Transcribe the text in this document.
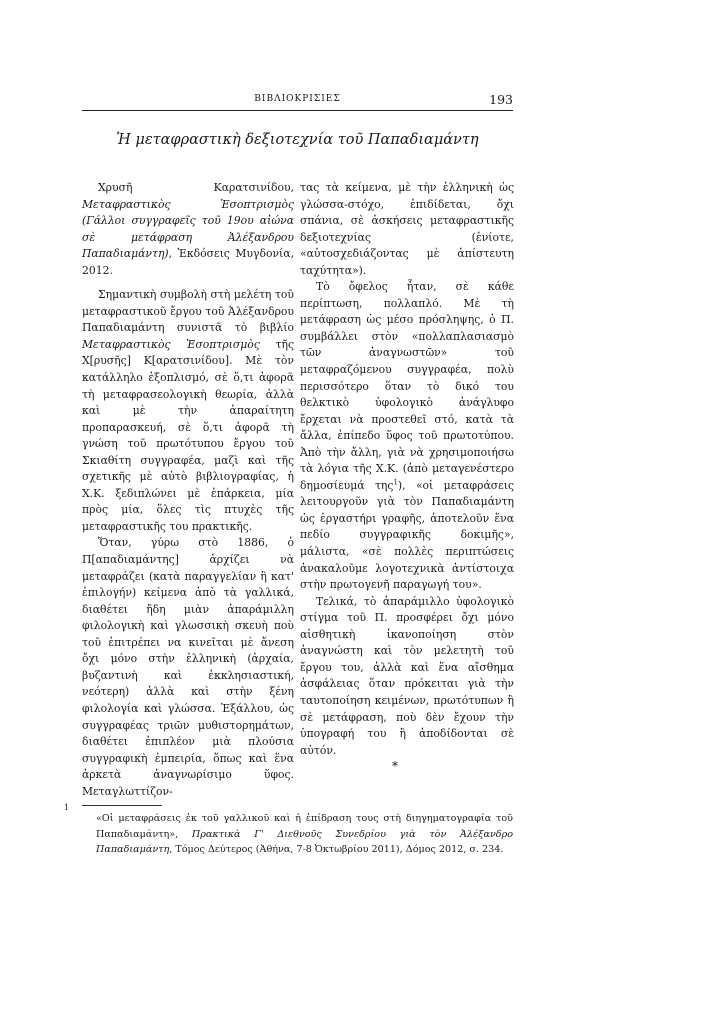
ΒΙΒΛΙΟΚΡΙΣΙΕΣ	193
Ἡ μεταφραστικὴ δεξιοτεχνία τοῦ Παπαδιαμάντη

Χρυσῆ Καρατσινίδου, Μεταφραστικὸς Ἐσοπτρισμὸς (Γάλλοι συγγραφεῖς τοῦ 19ου αἰώνα σὲ μετάφραση Ἀλέξανδρου Παπαδιαμάντη), Ἐκδόσεις Μυγδονία, 2012.

Σημαντικὴ συμβολὴ στὴ μελέτη τοῦ μεταφραστικοῦ ἔργου τοῦ Ἀλέξανδρου Παπαδιαμάντη συνιστᾶ τὸ βιβλίο Μεταφραστικὸς Ἐσοπτρισμὸς τῆς Χ[ρυσῆς] Κ[αρατσινίδου]. Μὲ τὸν κατάλληλο ἐξοπλισμό, σὲ ὅ,τι ἀφορᾶ τὴ μεταφρασεολογικὴ θεωρία, ἀλλὰ καὶ μὲ τὴν ἀπαραίτητη προπαρασκευή, σὲ ὅ,τι ἀφορᾶ τὴ γνώση τοῦ πρωτότυπου ἔργου τοῦ Σκιαθίτη συγγραφέα, μαζὶ καὶ τῆς σχετικῆς μὲ αὐτὸ βιβλιογραφίας, ἡ Χ.Κ. ξεδιπλώνει μὲ ἐπάρκεια, μία πρὸς μία, ὅλες τὶς πτυχὲς τῆς μεταφραστικῆς του πρακτικῆς.

Ὅταν, γύρω στὸ 1886, ὁ Π[απαδιαμάντης] ἀρχίζει νὰ μεταφράζει (κατὰ παραγγελίαν ἢ κατ' ἐπιλογήν) κείμενα ἀπὸ τὰ γαλλικά, διαθέτει ἤδη μιὰν ἀπαράμιλλη φιλολογικὴ καὶ γλωσσικὴ σκευὴ ποὺ τοῦ ἐπιτρέπει να κινεῖται μὲ ἄνεση ὄχι μόνο στὴν ἑλληνικὴ (ἀρχαία, βυζαντινὴ καὶ ἐκκλησιαστική, νεότερη) ἀλλὰ καὶ στὴν ξένη φιλολογία καὶ γλώσσα. Ἐξάλλου, ὡς συγγραφέας τριῶν μυθιστορημάτων, διαθέτει ἐπιπλέον μιὰ πλούσια συγγραφικὴ ἐμπειρία, ὅπως καὶ ἕνα ἀρκετὰ ἀναγνωρίσιμο ὕφος. Μεταγλωττίζον-

τας τὰ κείμενα, μὲ τὴν ἑλληνικὴ ὡς γλώσσα-στόχο, ἐπιδίδεται, ὄχι σπάνια, σὲ ἀσκήσεις μεταφραστικῆς δεξιοτεχνίας (ἐνίοτε, «αὐτοσχεδιάζοντας μὲ ἀπίστευτη ταχύτητα»).

Τὸ ὄφελος ἦταν, σὲ κάθε περίπτωση, πολλαπλό. Μὲ τὴ μετάφραση ὡς μέσο πρόσληψης, ὁ Π. συμβάλλει στὸν «πολλαπλασιασμὸ τῶν ἀναγνωστῶν» τοῦ μεταφραζόμενου συγγραφέα, πολὺ περισσότερο ὅταν τὸ δικό του θελκτικὸ ὑφολογικὸ ἀνάγλυφο ἔρχεται νὰ προστεθεῖ στό, κατὰ τὰ ἄλλα, ἐπίπεδο ὕφος τοῦ πρωτοτύπου. Ἀπὸ τὴν ἄλλη, γιὰ νὰ χρησιμοποιήσω τὰ λόγια τῆς Χ.Κ. (ἀπὸ μεταγενέστερο δημοσίευμά της$^1$), «οἱ μεταφράσεις λειτουργοῦν γιὰ τὸν Παπαδιαμάντη ὡς ἐργαστήρι γραφῆς, ἀποτελοῦν ἕνα πεδίο συγγραφικῆς δοκιμῆς», μάλιστα, «σὲ πολλὲς περιπτώσεις ἀνακαλοῦμε λογοτεχνικὰ ἀντίστοιχα στὴν πρωτογενῆ παραγωγή του».

Τελικά, τὸ ἀπαράμιλλο ὑφολογικὸ στίγμα τοῦ Π. προσφέρει ὄχι μόνο αἰσθητικὴ ἱκανοποίηση στὸν ἀναγνώστη καὶ τὸν μελετητὴ τοῦ ἔργου του, ἀλλὰ καὶ ἕνα αἴσθημα ἀσφάλειας ὅταν πρόκειται γιὰ τὴν ταυτοποίηση κειμένων, πρωτότυπων ἢ σὲ μετάφραση, ποὺ δὲν ἔχουν τὴν ὑπογραφή του ἢ ἀποδίδονται σὲ αὐτόν.

*

1
«Οἱ μεταφράσεις ἐκ τοῦ γαλλικοῦ καὶ ἡ ἐπίδραση τους στὴ διηγηματογραφία τοῦ Παπαδιαμάντη», Πρακτικὰ Γ' Διεθνοῦς Συνεδρίου γιὰ τὸν Ἀλέξανδρο Παπαδιαμάντη, Τόμος Δεύτερος (Ἀθήνα, 7-8 Ὀκτωβρίου 2011), Δόμος 2012, σ. 234.
